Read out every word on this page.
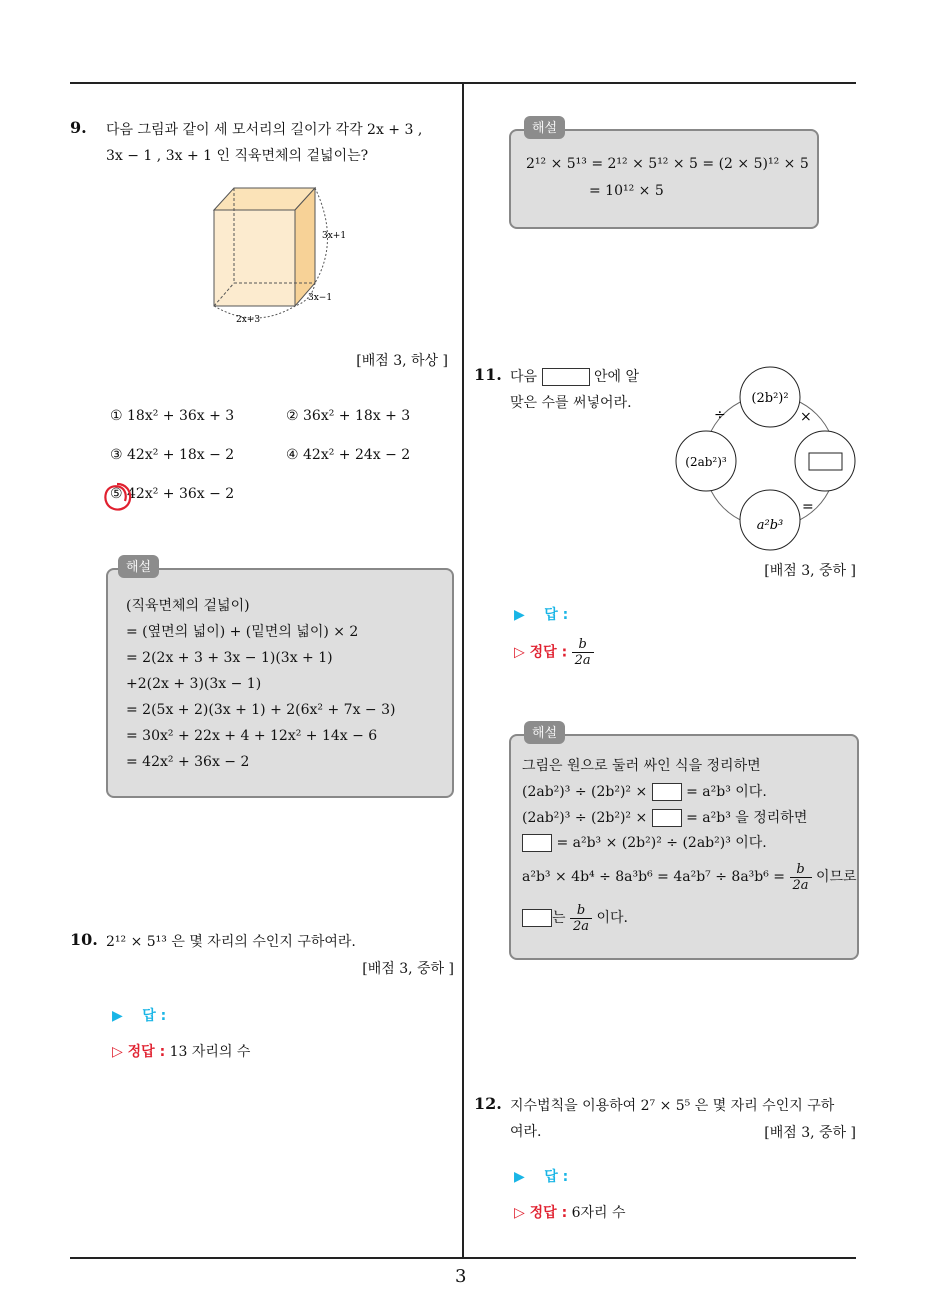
9. 다음 그림과 같이 세 모서리의 길이가 각각 2x + 3 ,
3x − 1 , 3x + 1 인 직육면체의 겉넓이는?
3x+1
3x−1
2x+3
[배점 3, 하상 ]
① 18x² + 36x + 3	② 36x² + 18x + 3
③ 42x² + 18x − 2	④ 42x² + 24x − 2
⑤ 42x² + 36x − 2
해설
(직육면체의 겉넓이)
= (옆면의 넓이) + (밑면의 넓이) × 2
= 2(2x + 3 + 3x − 1)(3x + 1)
+2(2x + 3)(3x − 1)
= 2(5x + 2)(3x + 1) + 2(6x² + 7x − 3)
= 30x² + 22x + 4 + 12x² + 14x − 6
= 42x² + 36x − 2
10. 2¹² × 5¹³ 은 몇 자리의 수인지 구하여라.
[배점 3, 중하 ]
▶    답 :
▷ 정답 : 13 자리의 수
해설
2¹² × 5¹³ = 2¹² × 5¹² × 5 = (2 × 5)¹² × 5
= 10¹² × 5
11. 다음	안에 알
맞은 수를 써넣어라.	(2b²)²
(2ab²)³
a²b³
÷	×
=
[배점 3, 중하 ]
▶    답 :
▷ 정답 : $\frac{b}{2a}$
해설
그림은 원으로 둘러 싸인 식을 정리하면
(2ab²)³ ÷ (2b²)² ×	= a²b³ 이다.
(2ab²)³ ÷ (2b²)² ×	= a²b³ 을 정리하면
= a²b³ × (2b²)² ÷ (2ab²)³ 이다.
$a^2b^3 \times 4b^4 \div 8a^3b^6 = 4a^2b^7 \div 8a^3b^6 = \frac{b}{2a}$ 이므로
는 $\frac{b}{2a}$ 이다.
12. 지수법칙을 이용하여 2⁷ × 5⁵ 은 몇 자리 수인지 구하
여라.	[배점 3, 중하 ]
▶    답 :
▷ 정답 : 6자리 수
3
